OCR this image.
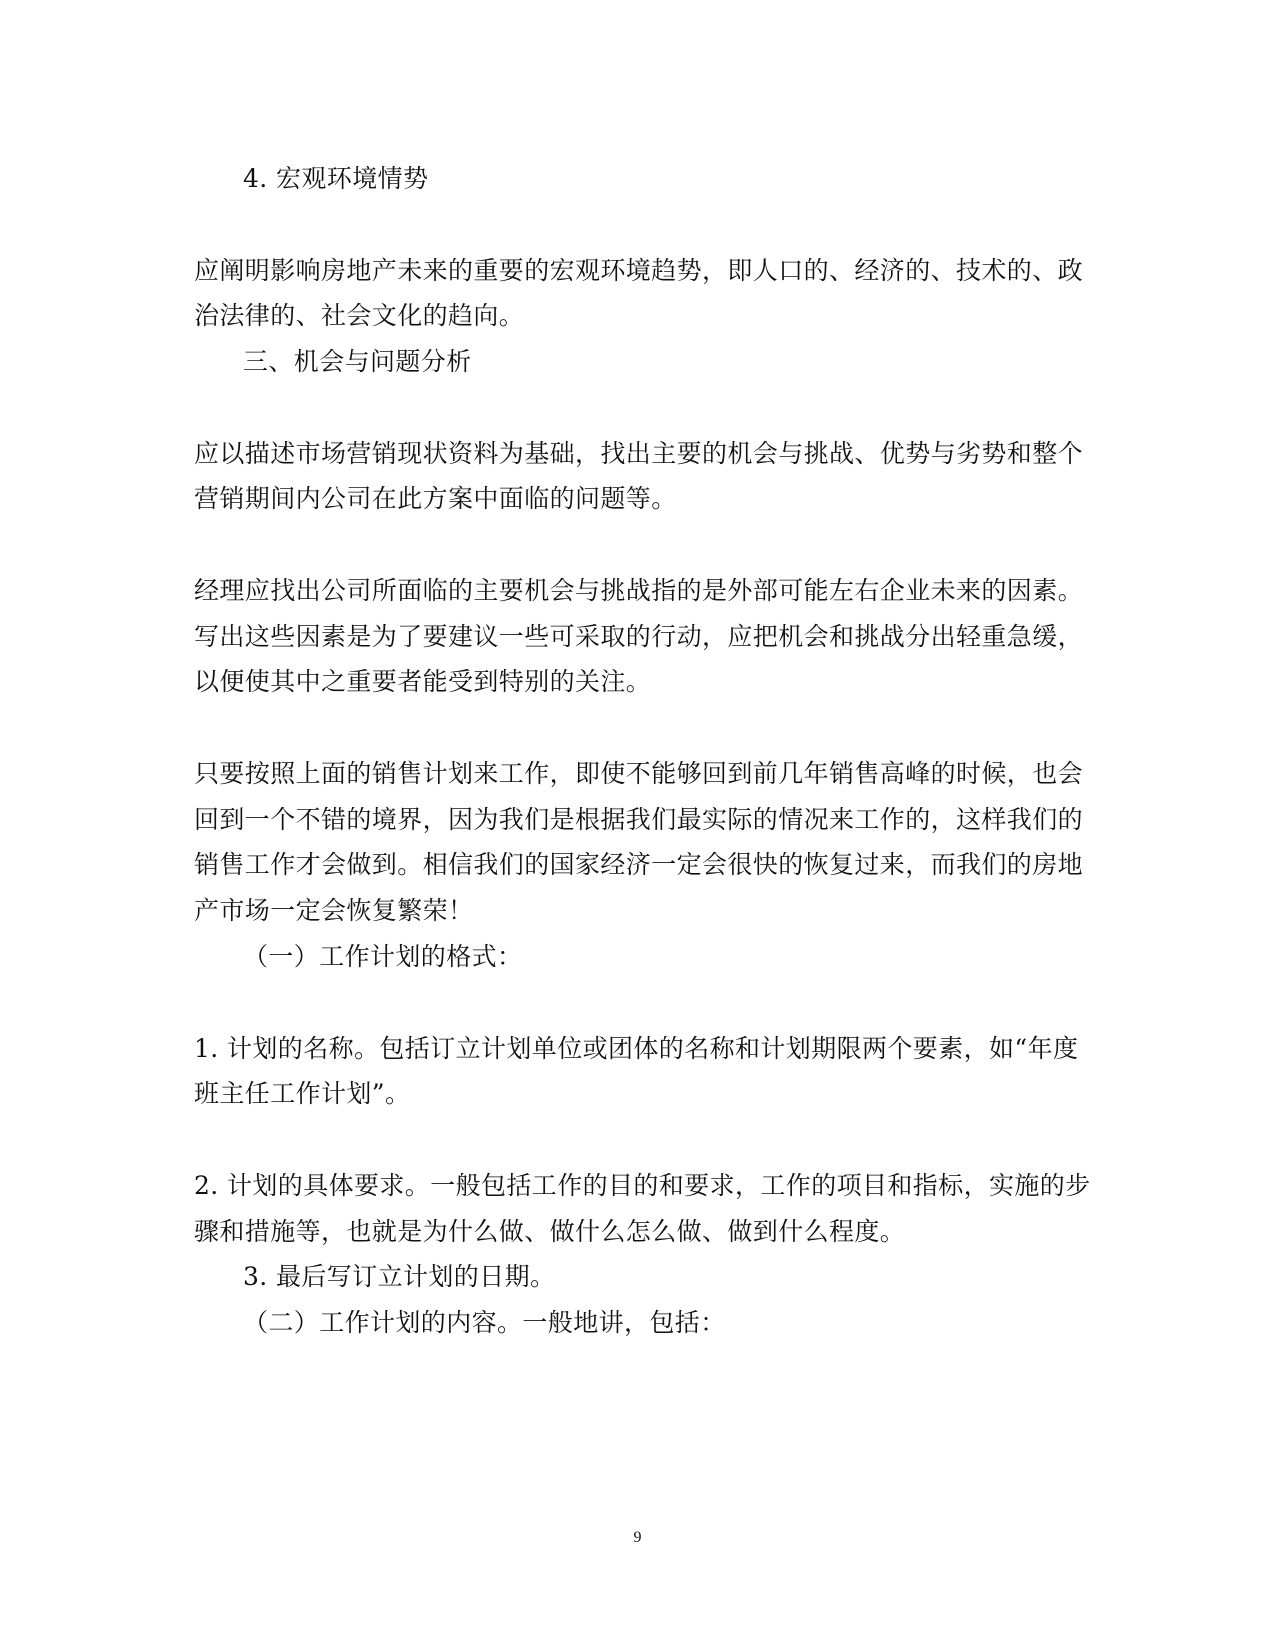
4. 宏观环境情势
应阐明影响房地产未来的重要的宏观环境趋势，即人口的、经济的、技术的、政
治法律的、社会文化的趋向。
三、机会与问题分析
应以描述市场营销现状资料为基础，找出主要的机会与挑战、优势与劣势和整个
营销期间内公司在此方案中面临的问题等。
经理应找出公司所面临的主要机会与挑战指的是外部可能左右企业未来的因素。
写出这些因素是为了要建议一些可采取的行动，应把机会和挑战分出轻重急缓，
以便使其中之重要者能受到特别的关注。
只要按照上面的销售计划来工作，即使不能够回到前几年销售高峰的时候，也会
回到一个不错的境界，因为我们是根据我们最实际的情况来工作的，这样我们的
销售工作才会做到。相信我们的国家经济一定会很快的恢复过来，而我们的房地
产市场一定会恢复繁荣！
（一）工作计划的格式：
1. 计划的名称。包括订立计划单位或团体的名称和计划期限两个要素，如“年度
班主任工作计划”。
2. 计划的具体要求。一般包括工作的目的和要求，工作的项目和指标，实施的步
骤和措施等，也就是为什么做、做什么怎么做、做到什么程度。
3. 最后写订立计划的日期。
（二）工作计划的内容。一般地讲，包括：
9
